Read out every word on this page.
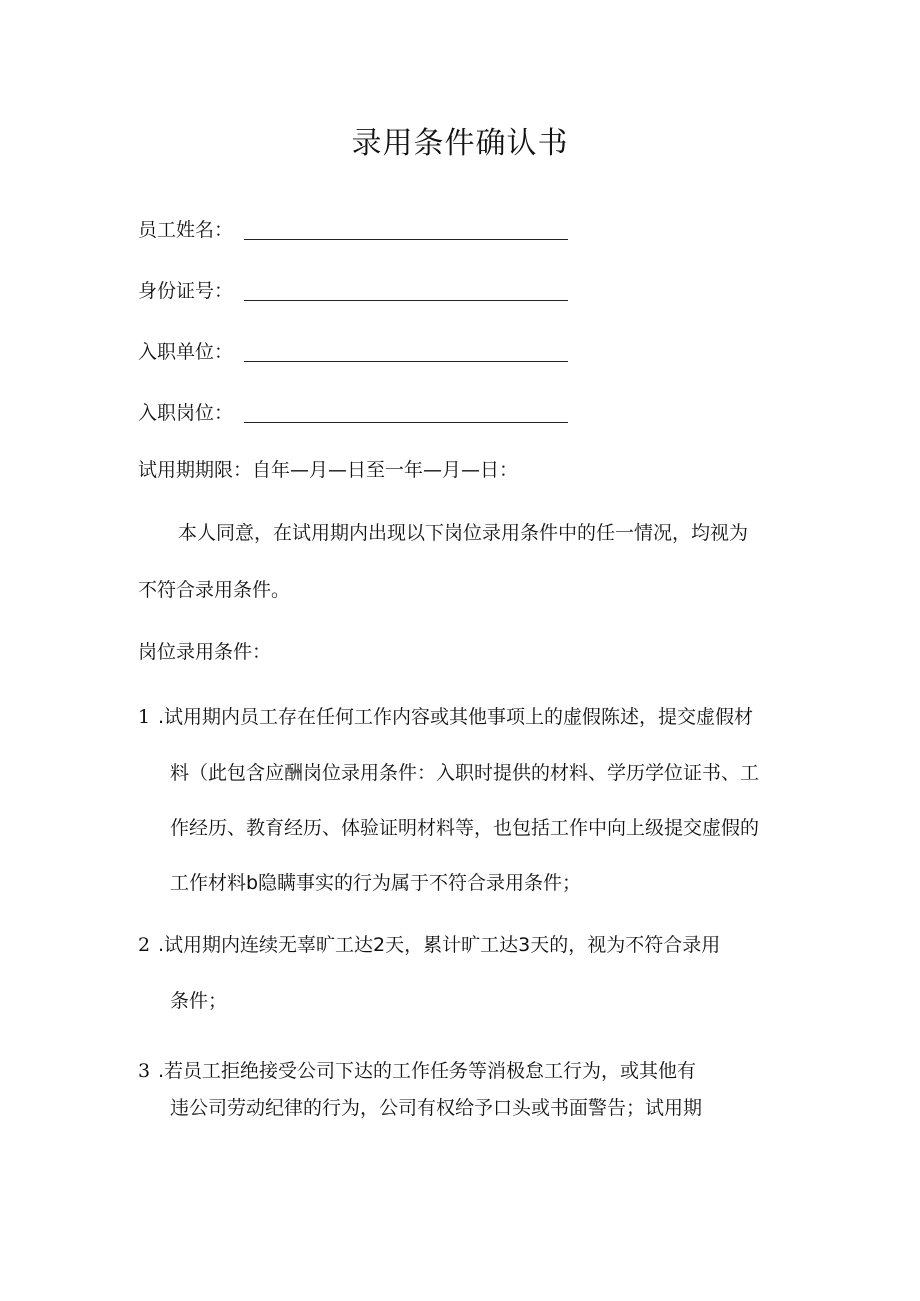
录用条件确认书
员工姓名：
身份证号：
入职单位：
入职岗位：
试用期期限：自年—月—日至一年—月—日：
本人同意，在试用期内出现以下岗位录用条件中的任一情况，均视为
不符合录用条件。
岗位录用条件：
1 .试用期内员工存在任何工作内容或其他事项上的虚假陈述，提交虚假材
料（此包含应酬岗位录用条件：入职时提供的材料、学历学位证书、工
作经历、教育经历、体验证明材料等，也包括工作中向上级提交虚假的
工作材料b隐瞒事实的行为属于不符合录用条件；
2 .试用期内连续无辜旷工达2天，累计旷工达3天的，视为不符合录用
条件；
3 .若员工拒绝接受公司下达的工作任务等消极怠工行为，或其他有
违公司劳动纪律的行为，公司有权给予口头或书面警告；试用期
